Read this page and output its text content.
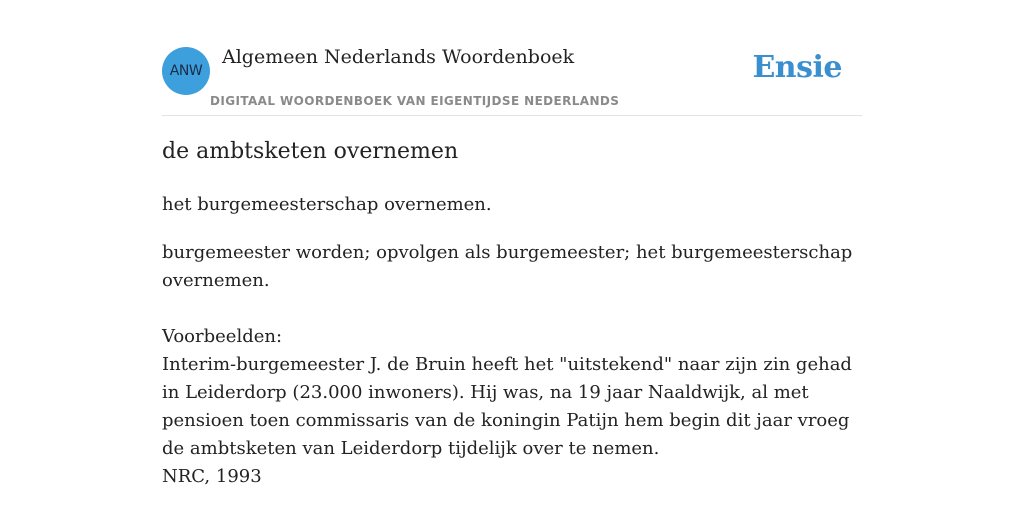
ANW
Algemeen Nederlands Woordenboek
DIGITAAL WOORDENBOEK VAN EIGENTIJDSE NEDERLANDS
Ensie
de ambtsketen overnemen
het burgemeesterschap overnemen.
burgemeester worden; opvolgen als burgemeester; het burgemeesterschap overnemen.
Voorbeelden:
Interim-burgemeester J. de Bruin heeft het "uitstekend" naar zijn zin gehad in Leiderdorp (23.000 inwoners). Hij was, na 19 jaar Naaldwijk, al met pensioen toen commissaris van de koningin Patijn hem begin dit jaar vroeg de ambtsketen van Leiderdorp tijdelijk over te nemen.
NRC, 1993
